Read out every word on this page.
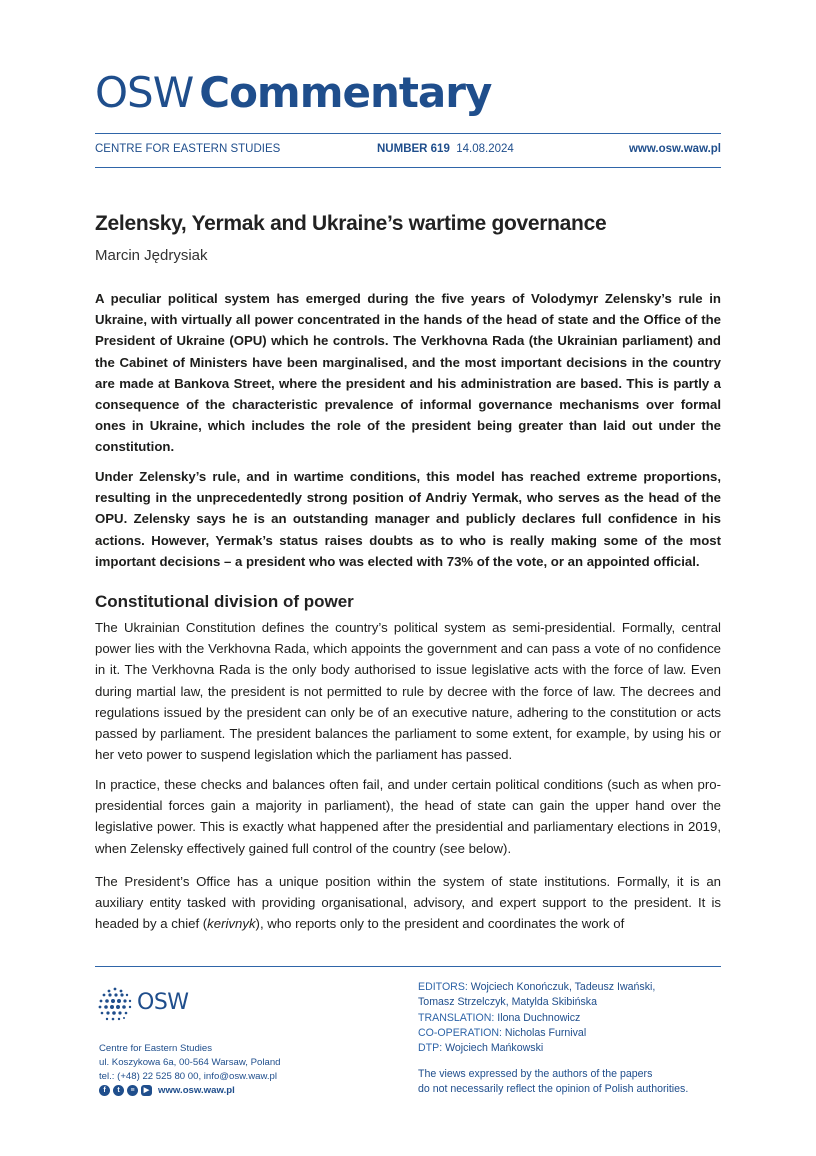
OSW Commentary
CENTRE FOR EASTERN STUDIES	NUMBER 619 14.08.2024	www.osw.waw.pl
Zelensky, Yermak and Ukraine’s wartime governance
Marcin Jędrysiak

A peculiar political system has emerged during the five years of Volodymyr Zelensky’s rule in Ukraine, with virtually all power concentrated in the hands of the head of state and the Office of the President of Ukraine (OPU) which he controls. The Verkhovna Rada (the Ukrainian parliament) and the Cabinet of Ministers have been marginalised, and the most important decisions in the country are made at Bankova Street, where the president and his administration are based. This is partly a consequence of the characteristic prevalence of informal governance mechanisms over formal ones in Ukraine, which includes the role of the president being greater than laid out under the constitution.

Under Zelensky’s rule, and in wartime conditions, this model has reached extreme proportions, resulting in the unprecedentedly strong position of Andriy Yermak, who serves as the head of the OPU. Zelensky says he is an outstanding manager and publicly declares full confidence in his actions. However, Yermak’s status raises doubts as to who is really making some of the most important decisions – a president who was elected with 73% of the vote, or an appointed official.

Constitutional division of power

The Ukrainian Constitution defines the country’s political system as semi-presidential. Formally, central power lies with the Verkhovna Rada, which appoints the government and can pass a vote of no confidence in it. The Verkhovna Rada is the only body authorised to issue legislative acts with the force of law. Even during martial law, the president is not permitted to rule by decree with the force of law. The decrees and regulations issued by the president can only be of an executive nature, adhering to the constitution or acts passed by parliament. The president balances the parliament to some extent, for example, by using his or her veto power to suspend legislation which the parliament has passed.

In practice, these checks and balances often fail, and under certain political conditions (such as when pro-presidential forces gain a majority in parliament), the head of state can gain the upper hand over the legislative power. This is exactly what happened after the presidential and parliamentary elections in 2019, when Zelensky effectively gained full control of the country (see below).

The President’s Office has a unique position within the system of state institutions. Formally, it is an auxiliary entity tasked with providing organisational, advisory, and expert support to the president. It is headed by a chief (kerivnyk), who reports only to the president and coordinates the work of

OSW
Centre for Eastern Studies
ul. Koszykowa 6a, 00-564 Warsaw, Poland
tel.: (+48) 22 525 80 00, info@osw.waw.pl
f	t	≡	▶ www.osw.waw.pl
EDITORS: Wojciech Konończuk, Tadeusz Iwański,
Tomasz Strzelczyk, Matylda Skibińska
TRANSLATION: Ilona Duchnowicz
CO-OPERATION: Nicholas Furnival
DTP: Wojciech Mańkowski
The views expressed by the authors of the papers
do not necessarily reflect the opinion of Polish authorities.
